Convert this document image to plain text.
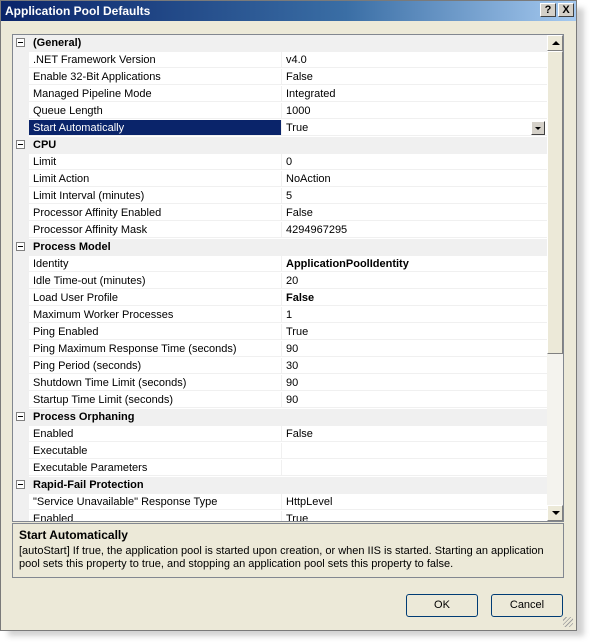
Application Pool Defaults	? X
(General)
.NET Framework Version	v4.0
Enable 32-Bit Applications	False
Managed Pipeline Mode	Integrated
Queue Length	1000
Start Automatically	True
CPU
Limit	0
Limit Action	NoAction
Limit Interval (minutes)	5
Processor Affinity Enabled	False
Processor Affinity Mask	4294967295
Process Model
Identity	ApplicationPoolIdentity
Idle Time-out (minutes)	20
Load User Profile	False
Maximum Worker Processes	1
Ping Enabled	True
Ping Maximum Response Time (seconds)	90
Ping Period (seconds)	30
Shutdown Time Limit (seconds)	90
Startup Time Limit (seconds)	90
Process Orphaning
Enabled	False
Executable
Executable Parameters
Rapid-Fail Protection
"Service Unavailable" Response Type	HttpLevel
Enabled	True
Start Automatically
[autoStart] If true, the application pool is started upon creation, or when IIS is started. Starting an application pool sets this property to true, and stopping an application pool sets this property to false.
OK	Cancel
